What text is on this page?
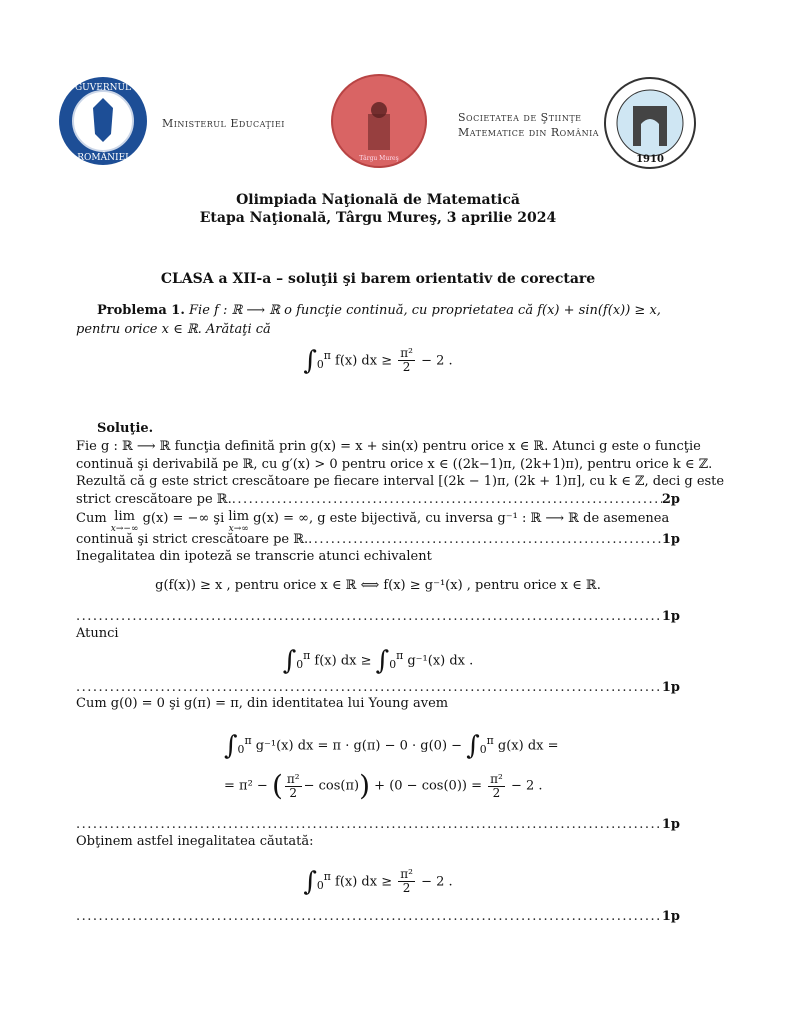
GUVERNUL
ROMÂNIEI
Ministerul Educaţiei
Târgu Mureş
Societatea de Ştiinţe
Matematice din România
1910
Olimpiada Naţională de Matematică
Etapa Naţională, Târgu Mureş, 3 aprilie 2024
CLASA a XII-a – soluţii şi barem orientativ de corectare
Problema 1. Fie f : ℝ ⟶ ℝ o funcţie continuă, cu proprietatea că f(x) + sin(f(x)) ≥ x,
pentru orice x ∈ ℝ. Arătaţi că
$\int_0^\pi$ f(x) dx ≥ $\frac{\text{π²}}{2} - 2$ .
Soluţie.
Fie g : ℝ ⟶ ℝ funcţia definită prin g(x) = x + sin(x) pentru orice x ∈ ℝ. Atunci g este o funcţie
continuă şi derivabilă pe ℝ, cu g′(x) > 0 pentru orice x ∈ ((2k−1)π, (2k+1)π), pentru orice k ∈ ℤ.
Rezultă că g este strict crescătoare pe fiecare interval [(2k − 1)π, (2k + 1)π], cu k ∈ ℤ, deci g este
strict crescătoare pe ℝ. .....	2p
Cum lim
x→−∞
g(x) = −∞ şi lim
x→∞
g(x) = ∞, g este bijectivă, cu inversa g⁻¹ : ℝ ⟶ ℝ de asemenea
continuă şi strict crescătoare pe ℝ. .....	1p
Inegalitatea din ipoteză se transcrie atunci echivalent
g(f(x)) ≥ x , pentru orice x ∈ ℝ ⟺ f(x) ≥ g⁻¹(x) , pentru orice x ∈ ℝ.
.....
1p
Atunci
$\int_0^\pi$ f(x) dx ≥ $\int_0^\pi$ g⁻¹(x) dx .
.....
1p
Cum g(0) = 0 şi g(π) = π, din identitatea lui Young avem
$\int_0^\pi$ g⁻¹(x) dx = $\pi \cdot g(\pi) - 0 \cdot g(0) - \int_0^\pi$ g(x) dx =
= π² − ( $\frac{\text{π²}}{2} - \cos(\pi)) + (0 - \cos(0)) = \frac{\text{π²}}{2} - 2$ .
.....
1p
Obţinem astfel inegalitatea căutată:
$\int_0^\pi$ f(x) dx ≥ $\frac{\text{π²}}{2} - 2$ .
.....
1p
